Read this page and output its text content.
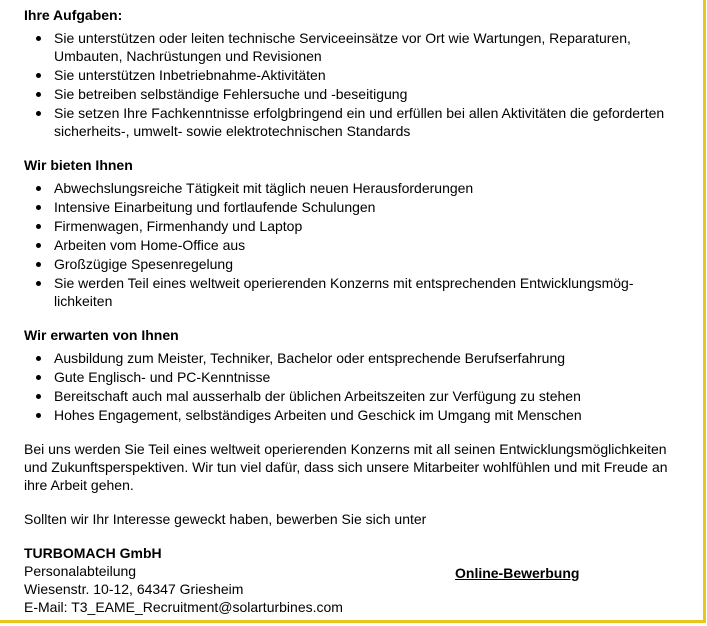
Ihre Aufgaben:
Sie unterstützen oder leiten technische Serviceeinsätze vor Ort wie Wartungen, Reparaturen, Umbauten, Nachrüstungen und Revisionen
Sie unterstützen Inbetriebnahme-Aktivitäten
Sie betreiben selbständige Fehlersuche und -beseitigung
Sie setzen Ihre Fachkenntnisse erfolgbringend ein und erfüllen bei allen Aktivitäten die geforderten sicherheits-, umwelt- sowie elektrotechnischen Standards
Wir bieten Ihnen
Abwechslungsreiche Tätigkeit mit täglich neuen Herausforderungen
Intensive Einarbeitung und fortlaufende Schulungen
Firmenwagen, Firmenhandy und Laptop
Arbeiten vom Home-Office aus
Großzügige Spesenregelung
Sie werden Teil eines weltweit operierenden Konzerns mit entsprechenden Entwicklungsmög-lichkeiten
Wir erwarten von Ihnen
Ausbildung zum Meister, Techniker, Bachelor oder entsprechende Berufserfahrung
Gute Englisch- und PC-Kenntnisse
Bereitschaft auch mal ausserhalb der üblichen Arbeitszeiten zur Verfügung zu stehen
Hohes Engagement, selbständiges Arbeiten und Geschick im Umgang mit Menschen

Bei uns werden Sie Teil eines weltweit operierenden Konzerns mit all seinen Entwicklungsmöglichkeiten und Zukunftsperspektiven. Wir tun viel dafür, dass sich unsere Mitarbeiter wohlfühlen und mit Freude an ihre Arbeit gehen.

Sollten wir Ihr Interesse geweckt haben, bewerben Sie sich unter

TURBOMACH GmbH
Personalabteilung
Wiesenstr. 10-12, 64347 Griesheim
E-Mail: T3_EAME_Recruitment@solarturbines.com
Online-Bewerbung
